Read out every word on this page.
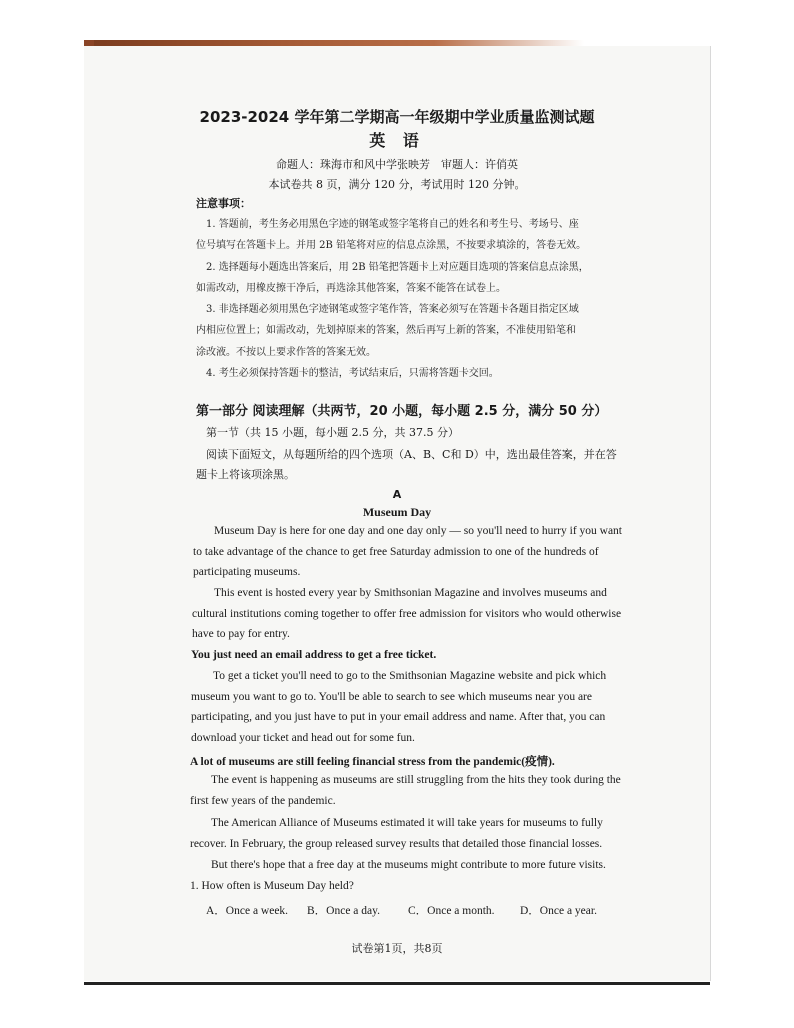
2023-2024 学年第二学期高一年级期中学业质量监测试题
英 语
命题人：珠海市和风中学张映芳　审题人：许俏英
本试卷共 8 页，满分 120 分，考试用时 120 分钟。
注意事项：
1. 答题前，考生务必用黑色字迹的钢笔或签字笔将自己的姓名和考生号、考场号、座
位号填写在答题卡上。并用 2B 铅笔将对应的信息点涂黑，不按要求填涂的，答卷无效。
2. 选择题每小题选出答案后，用 2B 铅笔把答题卡上对应题目选项的答案信息点涂黑，
如需改动，用橡皮擦干净后，再选涂其他答案，答案不能答在试卷上。
3. 非选择题必须用黑色字迹钢笔或签字笔作答，答案必须写在答题卡各题目指定区域
内相应位置上；如需改动，先划掉原来的答案，然后再写上新的答案，不准使用铅笔和
涂改液。不按以上要求作答的答案无效。
4. 考生必须保持答题卡的整洁，考试结束后，只需将答题卡交回。
第一部分 阅读理解（共两节，20 小题，每小题 2.5 分，满分 50 分）
第一节（共 15 小题，每小题 2.5 分，共 37.5 分）
阅读下面短文，从每题所给的四个选项（A、B、C和 D）中，选出最佳答案，并在答
题卡上将该项涂黑。
A
Museum Day
Museum Day is here for one day and one day only — so you'll need to hurry if you want
to take advantage of the chance to get free Saturday admission to one of the hundreds of
participating museums.
This event is hosted every year by Smithsonian Magazine and involves museums and
cultural institutions coming together to offer free admission for visitors who would otherwise
have to pay for entry.
You just need an email address to get a free ticket.
To get a ticket you'll need to go to the Smithsonian Magazine website and pick which
museum you want to go to. You'll be able to search to see which museums near you are
participating, and you just have to put in your email address and name. After that, you can
download your ticket and head out for some fun.
A lot of museums are still feeling financial stress from the pandemic(疫情).
The event is happening as museums are still struggling from the hits they took during the
first few years of the pandemic.
The American Alliance of Museums estimated it will take years for museums to fully
recover. In February, the group released survey results that detailed those financial losses.
But there's hope that a free day at the museums might contribute to more future visits.
1. How often is Museum Day held?
A．Once a week. B．Once a day. C．Once a month. D．Once a year.
试卷第1页，共8页
